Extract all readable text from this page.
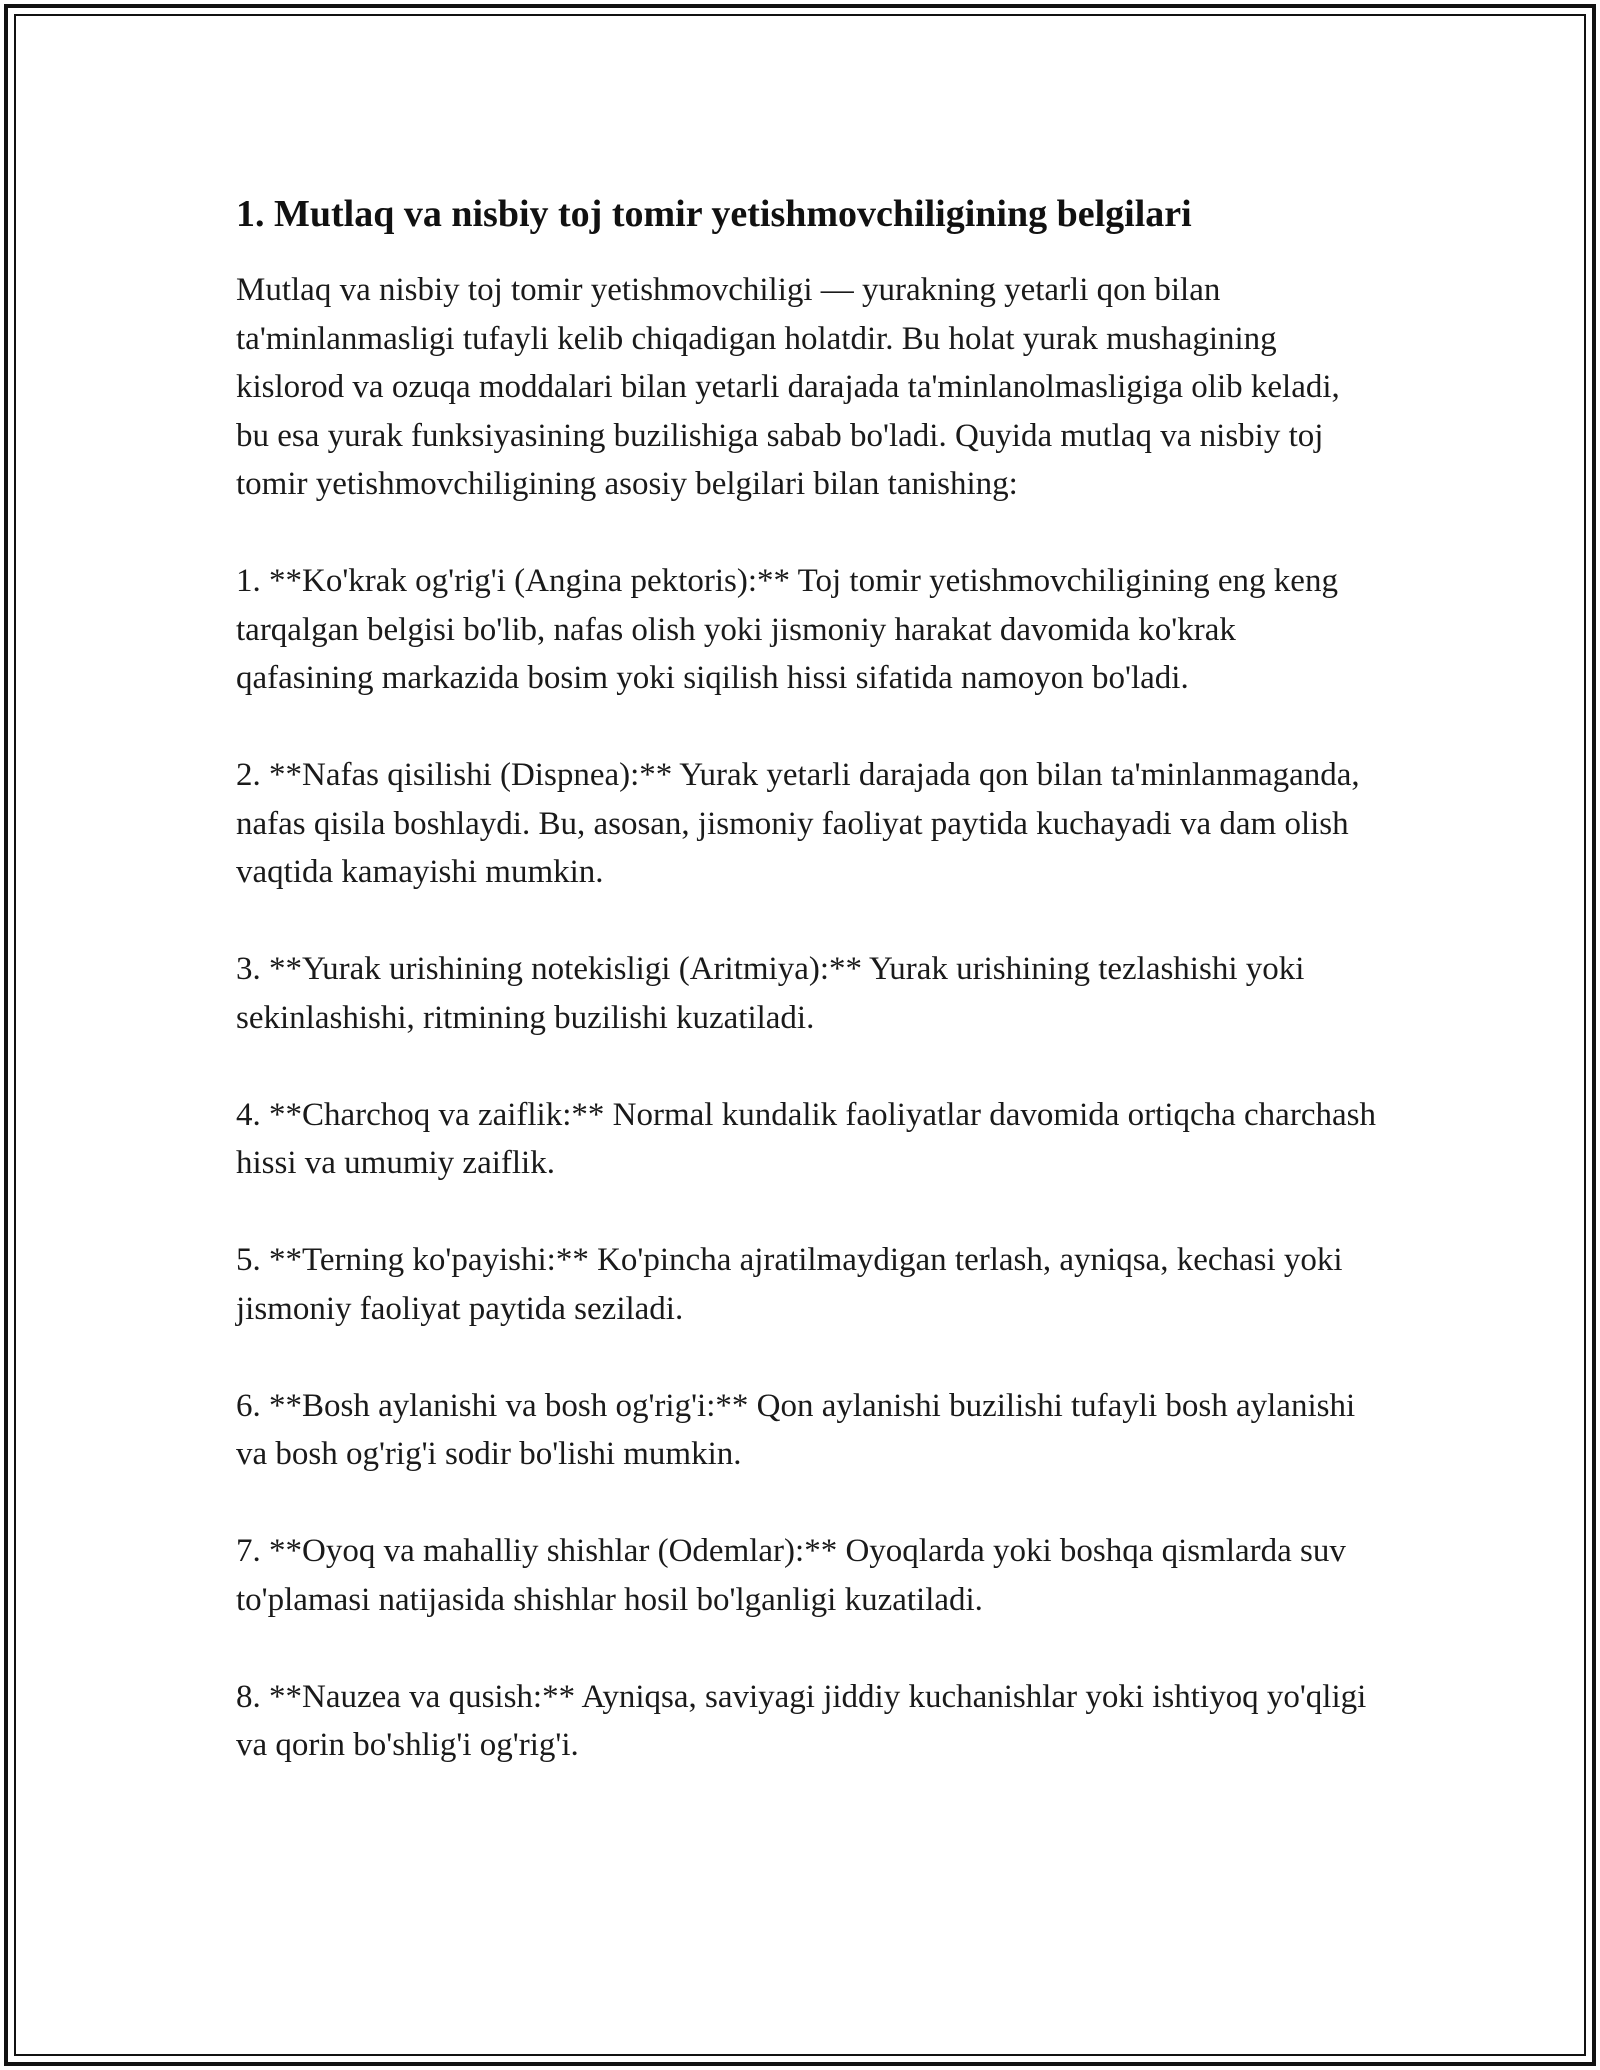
1. Mutlaq va nisbiy toj tomir yetishmovchiligining belgilari

Mutlaq va nisbiy toj tomir yetishmovchiligi — yurakning yetarli qon bilan ta'minlanmasligi tufayli kelib chiqadigan holatdir. Bu holat yurak mushagining kislorod va ozuqa moddalari bilan yetarli darajada ta'minlanolmasligiga olib keladi, bu esa yurak funksiyasining buzilishiga sabab bo'ladi. Quyida mutlaq va nisbiy toj tomir yetishmovchiligining asosiy belgilari bilan tanishing:

1. **Ko'krak og'rig'i (Angina pektoris):** Toj tomir yetishmovchiligining eng keng tarqalgan belgisi bo'lib, nafas olish yoki jismoniy harakat davomida ko'krak qafasining markazida bosim yoki siqilish hissi sifatida namoyon bo'ladi.

2. **Nafas qisilishi (Dispnea):** Yurak yetarli darajada qon bilan ta'minlanmaganda, nafas qisila boshlaydi. Bu, asosan, jismoniy faoliyat paytida kuchayadi va dam olish vaqtida kamayishi mumkin.

3. **Yurak urishining notekisligi (Aritmiya):** Yurak urishining tezlashishi yoki sekinlashishi, ritmining buzilishi kuzatiladi.

4. **Charchoq va zaiflik:** Normal kundalik faoliyatlar davomida ortiqcha charchash hissi va umumiy zaiflik.

5. **Terning ko'payishi:** Ko'pincha ajratilmaydigan terlash, ayniqsa, kechasi yoki jismoniy faoliyat paytida seziladi.

6. **Bosh aylanishi va bosh og'rig'i:** Qon aylanishi buzilishi tufayli bosh aylanishi va bosh og'rig'i sodir bo'lishi mumkin.

7. **Oyoq va mahalliy shishlar (Odemlar):** Oyoqlarda yoki boshqa qismlarda suv to'plamasi natijasida shishlar hosil bo'lganligi kuzatiladi.

8. **Nauzea va qusish:** Ayniqsa, saviyagi jiddiy kuchanishlar yoki ishtiyoq yo'qligi va qorin bo'shlig'i og'rig'i.
